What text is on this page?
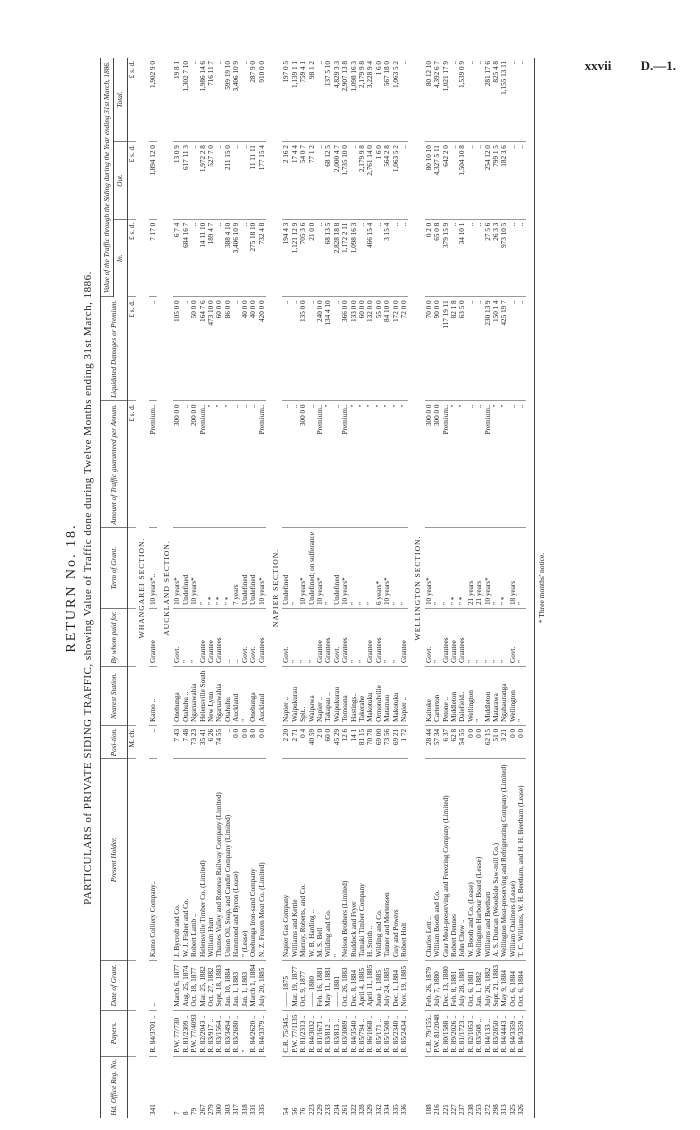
xxvii D.—1.
RETURN No. 18. PARTICULARS of PRIVATE SIDING TRAFFIC, showing Value of Traffic done during Twelve Months ending 31st March, 1886.
Hd. Office Reg. No.	Papers.	Date of Grant.	Present Holder.	Posi-tion.	Nearest Station.	By whom paid for.	Term of Grant.	Amount of Traffic guaranteed per Annum.	Liquidated Damages or Premium.	Value of the Traffic through the Siding during the Year ending 31st March, 1886.		
										In.	Out.	Total.
				M. ch.				£ s. d.	£ s. d.	£ s. d.	£ s. d.	£ s. d.
WHANGAREI SECTION.												
341	R. 84/3701 ..	..	Kamo Colliery Company..	..	Kamo ..	Grantee	10 years*..	Premium..	..	7 17 0	1,894 12 0	1,902 9 0

AUCKLAND SECTION.												
7	P.W. 77/730	March 6, 1877	J. Bycroft and Co.	7 43	Onehunga	Govt.	10 years*	300 0 0	105 0 0	6 7 4	13 0 9	19 8 1
8	R. 81/2309 ..	Aug. 25, 1874	W. J. Fisher and Co.	7 48	Otahuhu ..	"	Undefined	..	..	684 16 7	617 11 3	1,302 7 10
79	P.W. 77/4093	Oct. 18, 1877	Robert Lamb ..	73 23	Ngaruawahia	"	10 years*	200 0 0	50 0 0	..	..	..
267	R. 82/2043 ..	Mar. 25, 1882	Helensville Timber Co. (Limited)	35 41	Helensville South	Grantee	"	Premium..	164 7 6	14 11 10	1,972 2 8	1,986 14 6
279	R. 83/917 ..	Oct. 27, 1882	William Hunt	6 26	New Lynn	Grantee	" *	"	473 10 0	189 4 7	527 7 0	716 11 7
300	R. 83/1564 ..	Sept. 18, 1883	Thames Valley and Rotorua Railway Company (Limited)	74 55	Ngaruawahia	Grantees	" *	"	60 0 0	..	..	..
303	R. 83/3494 ..	Jan. 10, 1884	Union Oil, Soap, and Candle Company (Limited)	..	Otahuhu	..	" *	"	86 0 0	388 4 10	211 15 0	599 19 10
317	R. 83/2680 ..	Jan. 1, 1883	Hammond and Byron (Lease)	0 0	Auckland	..	7 years	..	..	3,406 10 9	..	3,406 10 9
318	"	Jan. 1, 1883	" (Lease)	0 0	"	Govt.	Undefined	..	40 0 0	..	..	..
331	R. 84/2620 ..	March 1, 1884	Onehunga Iron-sand Company	8 0	Onehunga	Govt.	Undefined	..	40 0 0	275 18 10	11 11 11	287 9 0
335	R. 84/3379 ..	July 20, 1885	N. Z. Frozen Meat Co. (Limited)	0 0	Auckland	Grantees	10 years*	Premium..	420 0 0	732 4 8	177 15 4	910 0 0

NAPIER SECTION.												
54	C.R. 75/345..	—— 1875	Napier Gas Company	2 20	Napier ..	Govt.	Undefined	..	..	194 4 3	2 16 2	197 0 5
56	P.W. 77/1135	Mar. 19, 1877	Williams and Kettle	2 71	Waipukurau	"	"	..	..	1,121 12 9	17 4 4	1,139 1 1
76	R. 81/2313 ..	Oct. 9, 1877	Murray, Roberts, and Co.	0 4	Spit..	"	10 years*	300 0 0	135 0 0	705 3 6	54 0 7	759 4 1
223	R. 84/3032 ..	—— 1880	W. B. Harding ..	40 59	Waipawa	"	Undefined; on sufferance	..	..	21 0 0	77 1 2	98 1 2
229	R. 81/1671 ..	Feb. 16, 1881	M. S. Bell	2 0	Napier ..	Grantee	10 years*	Premium..	240 0 0	..	..	..
233	R. 83/812 ..	May 11, 1881	Wilding and Co.	60 0	Takapau ..	Grantees	"	"	134 4 10	68 13 5	68 12 5	137 5 10
234	R. 83/813 ..	—— 1881	"	45 29	Waipukurau	Govt.	Undefined	..	..	2,828 18 8	2,000 4 7	4,829 3 3
261	R. 83/3089 ..	Oct. 26, 1883	Nelson Brothers (Limited)	12 6	Tomoana	Grantees	10 years*	Premium..	366 0 0	1,172 2 11	1,735 10 0	2,907 13 8
322	R. 84/3540 ..	Dec. 8, 1884	Ruddock and Fryer	14 1	Hastings..	"	"	"	133 0 0	1,098 16 3	..	1,098 16 3
328	R. 85/794 ..	April 4, 1885	Tamaki Timber Company	81 15	Takerahe	"	"	"	60 0 0	..	2,179 9 8	2,179 9 8
329	R. 86/1068 ..	April 11, 1885	H. Smith ..	70 78	Makotuku	Grantee	"	"	132 0 0	466 15 4	2,761 14 0	3,228 9 4
332	R. 85/171 ..	June 1, 1885	Wilding and Co.	69 00	Ormondville	Grantees	6 years*	"	55 0 0	..	1 6 0	1 6 0
334	R. 85/1508 ..	July 24, 1885	Tanner and Mortensen	73 56	Matamau	"	10 years*	"	84 10 0	3 15 4	564 2 8	567 18 0
335	R. 85/2340 ..	Dec. 1, 1884	Guy and Powers	69 21	Makotuku	"	"	"	172 0 0	..	1,063 5 2	1,063 5 2
336	R. 85/2434 ..	Nov. 19, 1885	Robert Holt	1 72	Napier ..	Grantee	"	"	72 0 0	..	..	..

WELLINGTON SECTION.												
188	C.R. 79/155..	Feb. 26, 1879	Charles Lett ..	28 44	Kaitoke	Govt.	10 years*	300 0 0	70 0 0	0 2 0	80 10 10	80 12 10
216	P.W. 81/2048	July 7, 1880	William Booth and Co.	57 34	Carterton	"	"	300 0 0	90 0 0	65 0 8	4,327 5 11	4,392 6 7
221	R. 80/1588 ..	Dec. 13, 1880	Gear Meat-preserving and Freezing Company (Limited)	6 37	Petone ..	Grantees	"	Premium..	117 19 11	379 15 9	642 2 0	1,021 17 9
227	R. 89/2026 ..	Feb. 8, 1881	Robert Dennes	62 8	Middleton	Grantee	" *	"	82 1 8	..	..	..
237	R. 81/1723 ..	July 28, 1881	John Chew ..	54 55	Dalefield..	Grantees	" *	"	63 5 0	34 10 1	1,504 10 8	1,539 0 9
238	R. 82/1053 ..	Oct. 6, 1881	W. Booth and Co. (Lease)	0 0	Wellington	"	21 years	..	..	..	..	..
253	R. 83/508 ..	Jan. 1, 1882	Wellington Harbour Board (Lease)	0 0	"	"	21 years	..	..	..	..	..
272	R. 84/133 ..	July 26, 1882	Williams and Beetham	62 15	Middleton	"	10 years*	Premium..	230 13 9	27 5 6	254 12 0	281 17 6
298	R. 83/2850 ..	Sept. 21, 1883	A. S. Duncan (Woodside Saw-mill Co.)	51 0	Matarawa	"	"	"	150 1 4	26 3 3	799 1 5	825 4 8
313	R. 84/4443 ..	May 9, 1884	Wellington Meat-preserving and Refrigerating Company (Limited)	3 21	Ngahauranga	"	" *	"	425 19 7	973 10 5	182 3 6	1,155 13 11
325	R. 84/3359 ..	Oct. 6, 1884	William Chalmers (Lease)	0 0	Wellington	Govt.	18 years	..	..	..	..	..
326	R. 84/3359 ..	Oct. 6, 1884	T. C. Williams, W. H. Beetham, and H. H. Beetham (Lease)	0 0	"	"	"	..	..	..	..	..

* Three months' notice.
